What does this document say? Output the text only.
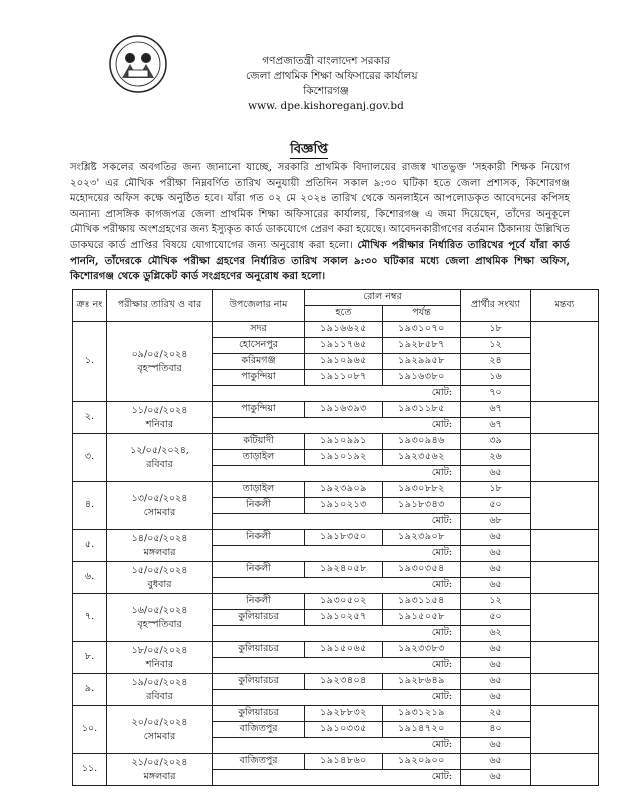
গণপ্রজাতন্ত্রী বাংলাদেশ সরকার
জেলা প্রাথমিক শিক্ষা অফিসারের কার্যালয়
কিশোরগঞ্জ
www. dpe.kishoreganj.gov.bd
বিজ্ঞপ্তি
সংশ্লিষ্ট সকলের অবগতির জন্য জানানো যাচ্ছে, সরকারি প্রাথমিক বিদ্যালয়ের রাজস্ব খাতভুক্ত 'সহকারী শিক্ষক নিয়োগ ২০২৩' এর মৌখিক পরীক্ষা নিম্নবর্ণিত তারিখ অনুযায়ী প্রতিদিন সকাল ৯:৩০ ঘটিকা হতে জেলা প্রশাসক, কিশোরগঞ্জ মহোদয়ের অফিস কক্ষে অনুষ্ঠিত হবে। যাঁরা গত ০২ মে ২০২৪ তারিখ থেকে অনলাইনে আপলোডকৃত আবেদনের কপিসহ অন্যান্য প্রাসঙ্গিক কাগজপত্র জেলা প্রাথমিক শিক্ষা অফিসারের কার্যালয়, কিশোরগঞ্জ এ জমা দিয়েছেন, তাঁদের অনুকূলে মৌখিক পরীক্ষায় অংশগ্রহণের জন্য ইস্যুকৃত কার্ড ডাকযোগে প্রেরণ করা হয়েছে। আবেদনকারীগণের বর্তমান ঠিকানায় উল্লিখিত ডাকঘরে কার্ড প্রাপ্তির বিষয়ে যোগাযোগের জন্য অনুরোধ করা হলো। মৌখিক পরীক্ষার নির্ধারিত তারিখের পূর্বে যাঁরা কার্ড পাননি, তাঁদেরকে মৌখিক পরীক্ষা গ্রহণের নির্ধারিত তারিখ সকাল ৯:৩০ ঘটিকার মধ্যে জেলা প্রাথমিক শিক্ষা অফিস, কিশোরগঞ্জ থেকে ডুপ্লিকেট কার্ড সংগ্রহণের অনুরোধ করা হলো।
ক্রঃ নং	পরীক্ষার তারিখ ও বার	উপজেলার নাম	রোল নম্বর		প্রার্থীর সংখ্যা	মন্তব্য
			হতে	পর্যন্ত		
১.	০৯/০৫/২০২৪
বৃহস্পতিবার	সদর	১৯১৬৬২৫	১৯৩১০৭০	১৮	
		হোসেনপুর	১৯১১৭৬৫	১৯২৮৫৮৭	১২	
		করিমগঞ্জ	১৯১০৯৬৫	১৯২৯৯৫৮	২৪	
		পাকুন্দিয়া	১৯১১০৮৭	১৯১৬৩৮০	১৬	
		মোট:			৭০	
২.	১১/০৫/২০২৪
শনিবার	পাকুন্দিয়া	১৯১৬৩৯৩	১৯৩১১৮৫	৬৭	
		মোট:			৬৭	
৩.	১২/০৫/২০২৪,
রবিবার	কটিয়াদী	১৯১০৯৯১	১৯৩০৯৪৬	৩৯	
		তাড়াইল	১৯১০১৯২	১৯২৩৫৬২	২৬	
		মোট:			৬৫	
৪.	১৩/০৫/২০২৪
সোমবার	তাড়াইল	১৯২৩৯০৯	১৯৩০৮৮২	১৮	
		নিকলী	১৯১০২১৩	১৯১৮৩৪৩	৫০	
		মোট:			৬৮	
৫.	১৪/০৫/২০২৪
মঙ্গলবার	নিকলী	১৯১৮৩৫০	১৯২৩৯০৮	৬৫	
		মোট:			৬৫	
৬.	১৫/০৫/২০২৪
বুধবার	নিকলী	১৯২৪০৫৮	১৯৩০৩৫৪	৬৫	
		মোট:			৬৫	
৭.	১৬/০৫/২০২৪
বৃহস্পতিবার	নিকলী	১৯৩০৫০২	১৯৩১১৫৪	১২	
		কুলিয়ারচর	১৯১০২৫৭	১৯১৫০৫৮	৫০	
		মোট:			৬২	
৮.	১৮/০৫/২০২৪
শনিবার	কুলিয়ারচর	১৯১৫০৬৫	১৯২৩৩৮৩	৬৫	
		মোট:			৬৫	
৯.	১৯/০৫/২০২৪
রবিবার	কুলিয়ারচর	১৯২৩৪০৪	১৯২৮৬৪৯	৬৫	
		মোট:			৬৫	
১০.	২০/০৫/২০২৪
সোমবার	কুলিয়ারচর	১৯২৮৮৩২	১৯৩১২১৯	২৫	
		বাজিতপুর	১৯১০৩৩৫	১৯১৪৭২০	৪০	
		মোট:			৬৫	
১১.	২১/০৫/২০২৪
মঙ্গলবার	বাজিতপুর	১৯১৪৮৬০	১৯২০৯০০	৬৫	
		মোট:			৬৫	
